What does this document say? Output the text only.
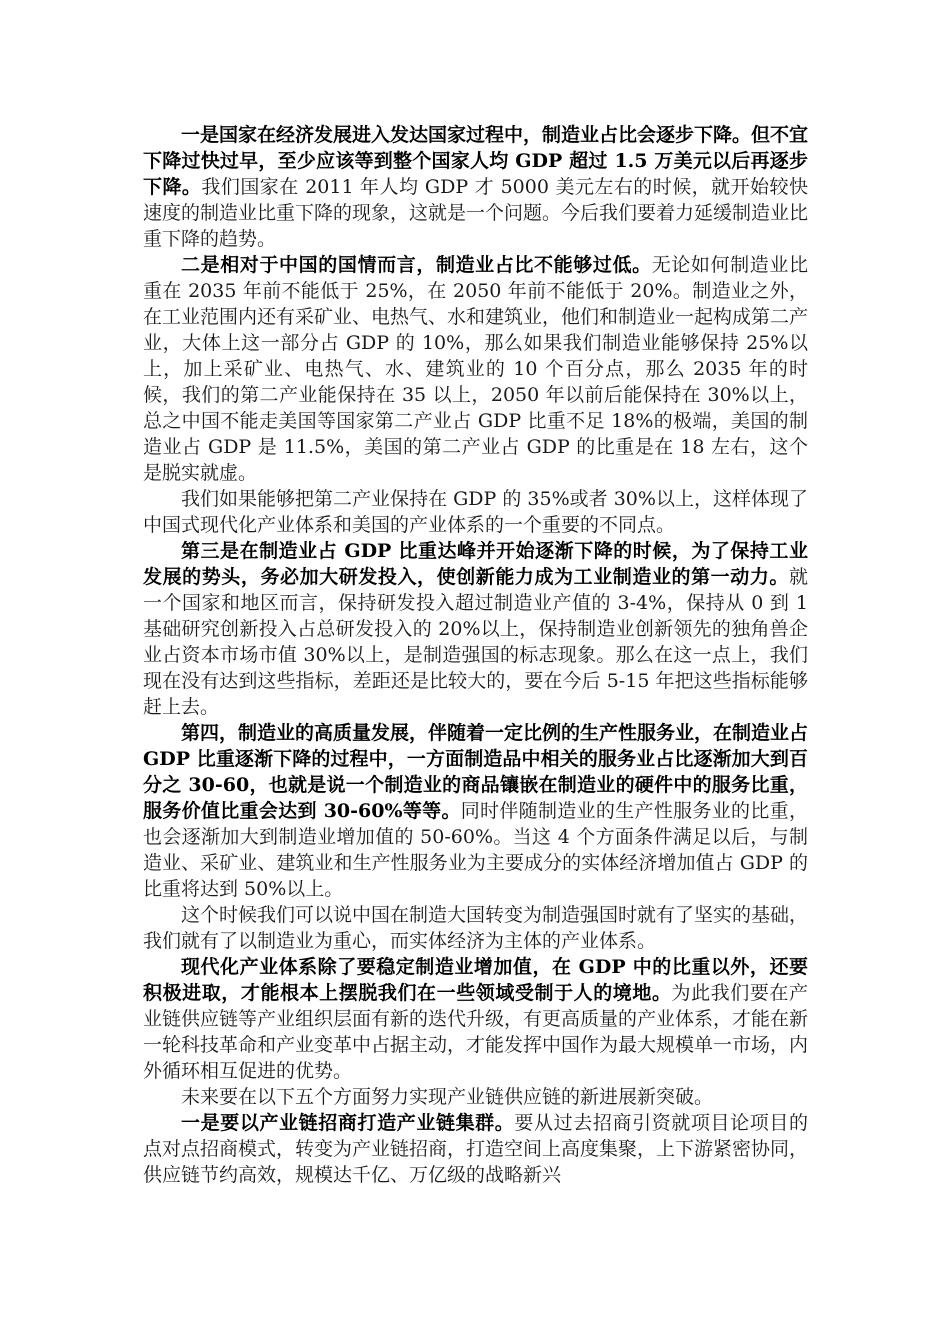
一是国家在经济发展进入发达国家过程中，制造业占比会逐步下降。但不宜下降过快过早，至少应该等到整个国家人均 GDP 超过 1.5 万美元以后再逐步下降。我们国家在 2011 年人均 GDP 才 5000 美元左右的时候，就开始较快速度的制造业比重下降的现象，这就是一个问题。今后我们要着力延缓制造业比重下降的趋势。

二是相对于中国的国情而言，制造业占比不能够过低。无论如何制造业比重在 2035 年前不能低于 25%，在 2050 年前不能低于 20%。制造业之外，在工业范围内还有采矿业、电热气、水和建筑业，他们和制造业一起构成第二产业，大体上这一部分占 GDP 的 10%，那么如果我们制造业能够保持 25%以上，加上采矿业、电热气、水、建筑业的 10 个百分点，那么 2035 年的时候，我们的第二产业能保持在 35 以上，2050 年以前后能保持在 30%以上，总之中国不能走美国等国家第二产业占 GDP 比重不足 18%的极端，美国的制造业占 GDP 是 11.5%，美国的第二产业占 GDP 的比重是在 18 左右，这个是脱实就虚。

我们如果能够把第二产业保持在 GDP 的 35%或者 30%以上，这样体现了中国式现代化产业体系和美国的产业体系的一个重要的不同点。

第三是在制造业占 GDP 比重达峰并开始逐渐下降的时候，为了保持工业发展的势头，务必加大研发投入，使创新能力成为工业制造业的第一动力。就一个国家和地区而言，保持研发投入超过制造业产值的 3-4%，保持从 0 到 1 基础研究创新投入占总研发投入的 20%以上，保持制造业创新领先的独角兽企业占资本市场市值 30%以上，是制造强国的标志现象。那么在这一点上，我们现在没有达到这些指标，差距还是比较大的，要在今后 5-15 年把这些指标能够赶上去。

第四，制造业的高质量发展，伴随着一定比例的生产性服务业，在制造业占 GDP 比重逐渐下降的过程中，一方面制造品中相关的服务业占比逐渐加大到百分之 30-60，也就是说一个制造业的商品镶嵌在制造业的硬件中的服务比重，服务价值比重会达到 30-60%等等。同时伴随制造业的生产性服务业的比重，也会逐渐加大到制造业增加值的 50-60%。当这 4 个方面条件满足以后，与制造业、采矿业、建筑业和生产性服务业为主要成分的实体经济增加值占 GDP 的比重将达到 50%以上。

这个时候我们可以说中国在制造大国转变为制造强国时就有了坚实的基础，我们就有了以制造业为重心，而实体经济为主体的产业体系。

现代化产业体系除了要稳定制造业增加值，在 GDP 中的比重以外，还要积极进取，才能根本上摆脱我们在一些领域受制于人的境地。为此我们要在产业链供应链等产业组织层面有新的迭代升级，有更高质量的产业体系，才能在新一轮科技革命和产业变革中占据主动，才能发挥中国作为最大规模单一市场，内外循环相互促进的优势。

未来要在以下五个方面努力实现产业链供应链的新进展新突破。

一是要以产业链招商打造产业链集群。要从过去招商引资就项目论项目的点对点招商模式，转变为产业链招商，打造空间上高度集聚，上下游紧密协同，供应链节约高效，规模达千亿、万亿级的战略新兴
